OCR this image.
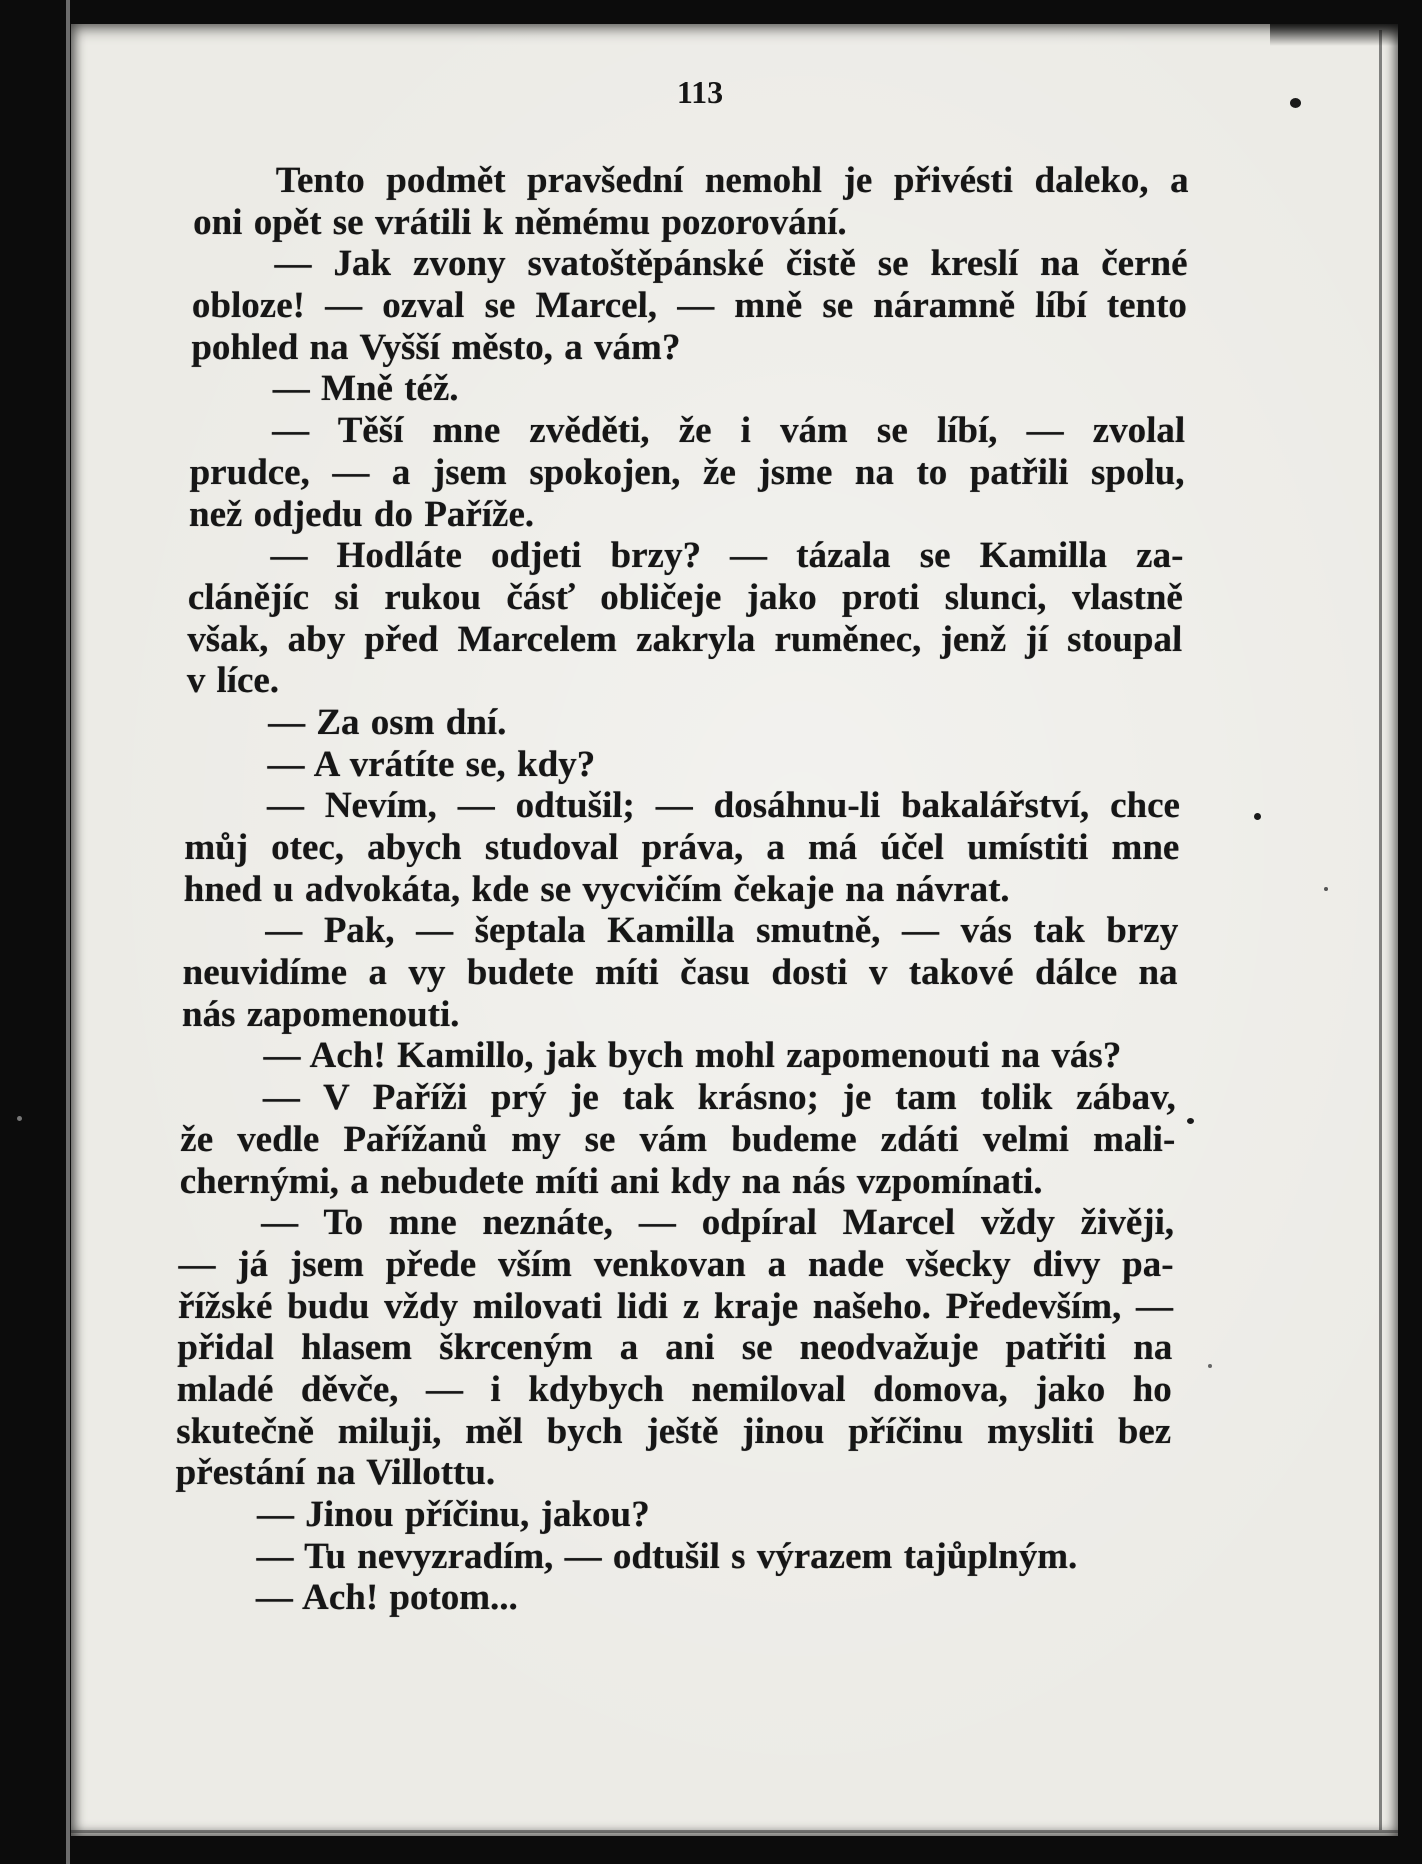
113
Tento podmět pravšední nemohl je přivésti daleko, a
oni opět se vrátili k němému pozorování.
— Jak zvony svatoštěpánské čistě se kreslí na černé
obloze! — ozval se Marcel, — mně se náramně líbí tento
pohled na Vyšší město, a vám?
— Mně též.
— Těší mne zvěděti, že i vám se líbí, — zvolal
prudce, — a jsem spokojen, že jsme na to patřili spolu,
než odjedu do Paříže.
— Hodláte odjeti brzy? — tázala se Kamilla za-
clánějíc si rukou čásť obličeje jako proti slunci, vlastně
však, aby před Marcelem zakryla ruměnec, jenž jí stoupal
v líce.
— Za osm dní.
— A vrátíte se, kdy?
— Nevím, — odtušil; — dosáhnu-li bakalářství, chce
můj otec, abych studoval práva, a má účel umístiti mne
hned u advokáta, kde se vycvičím čekaje na návrat.
— Pak, — šeptala Kamilla smutně, — vás tak brzy
neuvidíme a vy budete míti času dosti v takové dálce na
nás zapomenouti.
— Ach! Kamillo, jak bych mohl zapomenouti na vás?
— V Paříži prý je tak krásno; je tam tolik zábav,
že vedle Pařížanů my se vám budeme zdáti velmi mali-
chernými, a nebudete míti ani kdy na nás vzpomínati.
— To mne neznáte, — odpíral Marcel vždy živěji,
— já jsem přede vším venkovan a nade všecky divy pa-
řížské budu vždy milovati lidi z kraje našeho. Především, —
přidal hlasem škrceným a ani se neodvažuje patřiti na
mladé děvče, — i kdybych nemiloval domova, jako ho
skutečně miluji, měl bych ještě jinou příčinu mysliti bez
přestání na Villottu.
— Jinou příčinu, jakou?
— Tu nevyzradím, — odtušil s výrazem tajůplným.
— Ach! potom...
